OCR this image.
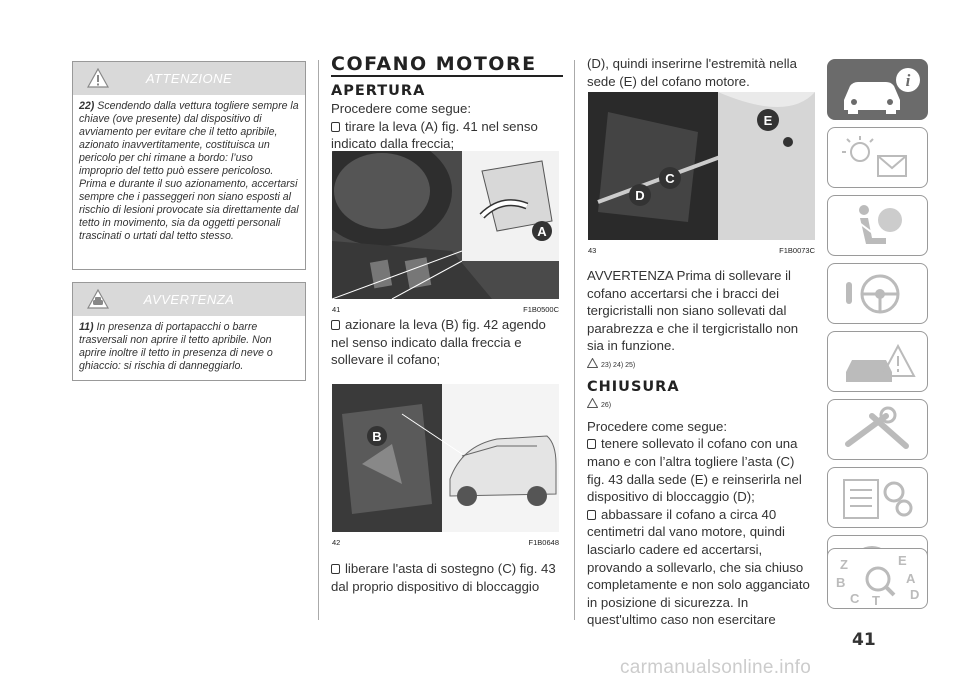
ATTENZIONE
22) Scendendo dalla vettura togliere sempre la chiave (ove presente) dal dispositivo di avviamento per evitare che il tetto apribile, azionato inavvertitamente, costituisca un pericolo per chi rimane a bordo: l’uso improprio del tetto può essere pericoloso. Prima e durante il suo azionamento, accertarsi sempre che i passeggeri non siano esposti al rischio di lesioni provocate sia direttamente dal tetto in movimento, sia da oggetti personali trascinati o urtati dal tetto stesso.
AVVERTENZA
11) In presenza di portapacchi o barre trasversali non aprire il tetto apribile. Non aprire inoltre il tetto in presenza di neve o ghiaccio: si rischia di danneggiarlo.
COFANO MOTORE
APERTURA
Procedere come segue:
tirare la leva (A) fig. 41 nel senso indicato dalla freccia;
A
41	F1B0500C
azionare la leva (B) fig. 42 agendo nel senso indicato dalla freccia e sollevare il cofano;
B
42	F1B0648
liberare l'asta di sostegno (C) fig. 43 dal proprio dispositivo di bloccaggio
(D), quindi inserirne l'estremità nella sede (E) del cofano motore.
E
C
D
43	F1B0073C
AVVERTENZA Prima di sollevare il cofano accertarsi che i bracci dei tergicristalli non siano sollevati dal parabrezza e che il tergicristallo non sia in funzione.
23) 24) 25)
CHIUSURA
26)
Procedere come segue:
tenere sollevato il cofano con una mano e con l’altra togliere l’asta (C) fig. 43 dalla sede (E) e reinserirla nel dispositivo di bloccaggio (D);
abbassare il cofano a circa 40 centimetri dal vano motore, quindi lasciarlo cadere ed accertarsi, provando a sollevarlo, che sia chiuso completamente e non solo agganciato in posizione di sicurezza. In quest'ultimo caso non esercitare
i
Z	E
B	A
C T D
41
carmanualsonline.info
